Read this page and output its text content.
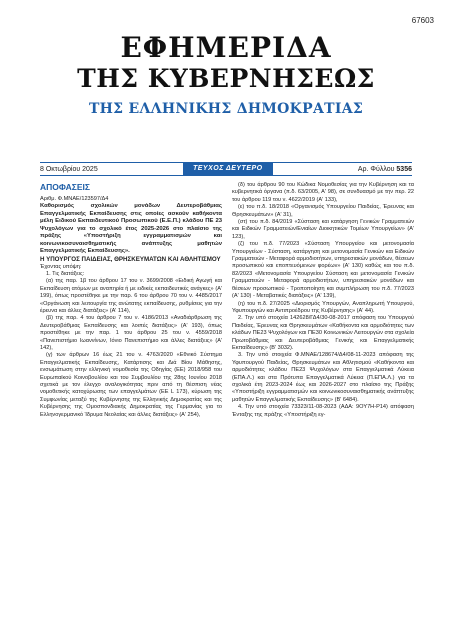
67603
ΕΦΗΜΕΡΙΔΑ
ΤΗΣ ΚΥΒΕΡΝΗΣΕΩΣ
ΤΗΣ ΕΛΛΗΝΙΚΗΣ ΔΗΜΟΚΡΑΤΙΑΣ
8 Οκτωβρίου 2025	ΤΕΥΧΟΣ ΔΕΥΤΕΡΟ	Αρ. Φύλλου 5356
ΑΠΟΦΑΣΕΙΣ

Αριθμ. Φ.ΜΝΑΕ/123597/Δ4

Καθορισμός σχολικών μονάδων Δευτεροβάθμιας Επαγγελματικής Εκπαίδευσης στις οποίες ασκούν καθήκοντα μέλη Ειδικού Εκπαιδευτικού Προσωπικού (Ε.Ε.Π.) κλάδου ΠΕ 23 Ψυχολόγων για το σχολικό έτος 2025-2026 στο πλαίσιο της πράξης «Υποστήριξη εγγραμματισμών και κοινωνικοσυναισθηματικής ανάπτυξης μαθητών Επαγγελματικής Εκπαίδευσης».

Η ΥΠΟΥΡΓΟΣ ΠΑΙΔΕΙΑΣ, ΘΡΗΣΚΕΥΜΑΤΩΝ ΚΑΙ ΑΘΛΗΤΙΣΜΟΥ

Έχοντας υπόψη:

1. Τις διατάξεις:

(α) της παρ. 1β του άρθρου 17 του ν. 3699/2008 «Ειδική Αγωγή και Εκπαίδευση ατόμων με αναπηρία ή με ειδικές εκπαιδευτικές ανάγκες» (Α' 199), όπως προστέθηκε με την παρ. 6 του άρθρου 70 του ν. 4485/2017 «Οργάνωση και λειτουργία της ανώτατης εκπαίδευσης, ρυθμίσεις για την έρευνα και άλλες διατάξεις» (Α' 114),

(β) της παρ. 4 του άρθρου 7 του ν. 4186/2013 «Αναδιάρθρωση της Δευτεροβάθμιας Εκπαίδευσης και λοιπές διατάξεις» (Α' 193), όπως προστέθηκε με την παρ. 1 του άρθρου 25 του ν. 4559/2018 «Πανεπιστήμιο Ιωαννίνων, Ιόνιο Πανεπιστήμιο και άλλες διατάξεις» (Α' 142),

(γ) των άρθρων 16 έως 21 του ν. 4763/2020 «Εθνικό Σύστημα Επαγγελματικής Εκπαίδευσης, Κατάρτισης και Διά Βίου Μάθησης, ενσωμάτωση στην ελληνική νομοθεσία της Οδηγίας (ΕΕ) 2018/958 του Ευρωπαϊκού Κοινοβουλίου και του Συμβουλίου της 28ης Ιουνίου 2018 σχετικά με τον έλεγχο αναλογικότητας πριν από τη θέσπιση νέας νομοθετικής κατοχύρωσης των επαγγελμάτων (ΕΕ L 173), κύρωση της Συμφωνίας μεταξύ της Κυβέρνησης της Ελληνικής Δημοκρατίας και της Κυβέρνησης της Ομοσπονδιακής Δημοκρατίας της Γερμανίας για το Ελληνογερμανικό Ίδρυμα Νεολαίας και άλλες διατάξεις» (Α' 254),

(δ) του άρθρου 90 του Κώδικα Νομοθεσίας για την Κυβέρνηση και τα κυβερνητικά όργανα (π.δ. 63/2005, Α' 98), σε συνδυασμό με την περ. 22 του άρθρου 119 του ν. 4622/2019 (Α' 133),

(ε) του π.δ. 18/2018 «Οργανισμός Υπουργείου Παιδείας, Έρευνας και Θρησκευμάτων» (Α' 31),

(στ) του π.δ. 84/2019 «Σύσταση και κατάργηση Γενικών Γραμματειών και Ειδικών Γραμματειών/Ενιαίων Διοικητικών Τομέων Υπουργείων» (Α' 123),

(ζ) του π.δ. 77/2023 «Σύσταση Υπουργείου και μετονομασία Υπουργείων - Σύσταση, κατάργηση και μετονομασία Γενικών και Ειδικών Γραμματειών - Μεταφορά αρμοδιοτήτων, υπηρεσιακών μονάδων, θέσεων προσωπικού και εποπτευόμενων φορέων» (Α' 130) καθώς και του π.δ. 82/2023 «Μετονομασία Υπουργείου Σύσταση και μετονομασία Γενικών Γραμματειών - Μεταφορά αρμοδιοτήτων, υπηρεσιακών μονάδων και θέσεων προσωπικού - Τροποποίηση και συμπλήρωση του π.δ. 77/2023 (Α' 130) - Μεταβατικές διατάξεις» (Α' 139),

(η) του π.δ. 27/2025 «Διορισμός Υπουργών, Αναπληρωτή Υπουργού, Υφυπουργών και Αντιπροέδρου της Κυβέρνησης» (Α' 44).

2. Την υπό στοιχεία 142628/ΓΔ4/30-08-2017 απόφαση του Υπουργού Παιδείας, Έρευνας και Θρησκευμάτων «Καθήκοντα και αρμοδιότητες των κλάδων ΠΕ23 Ψυχολόγων και ΠΕ30 Κοινωνικών Λειτουργών στα σχολεία Πρωτοβάθμιας και Δευτεροβάθμιας Γενικής και Επαγγελματικής Εκπαίδευσης» (Β' 3032).

3. Την υπό στοιχεία Φ.ΜΝΑΕ/128674/Δ4/08-11-2023 απόφαση της Υφυπουργού Παιδείας, Θρησκευμάτων και Αθλητισμού «Καθήκοντα και αρμοδιότητες κλάδου ΠΕ23 Ψυχολόγων στα Επαγγελματικά Λύκεια (ΕΠΑ.Λ.) και στα Πρότυπα Επαγγελματικά Λύκεια (Π.ΕΠΑ.Λ.) για τα σχολικά έτη 2023-2024 έως και 2026-2027 στο πλαίσιο της Πράξης «Υποστήριξη εγγραμματισμών και κοινωνικοσυναισθηματικής ανάπτυξης μαθητών Επαγγελματικής Εκπαίδευσης» (Β' 6484).

4. Την υπό στοιχεία 73323/11-08-2023 (ΑΔΑ: 9ΟΥ7Η-Ρ14) απόφαση Ένταξης της πράξης «Υποστήριξη εγ-
